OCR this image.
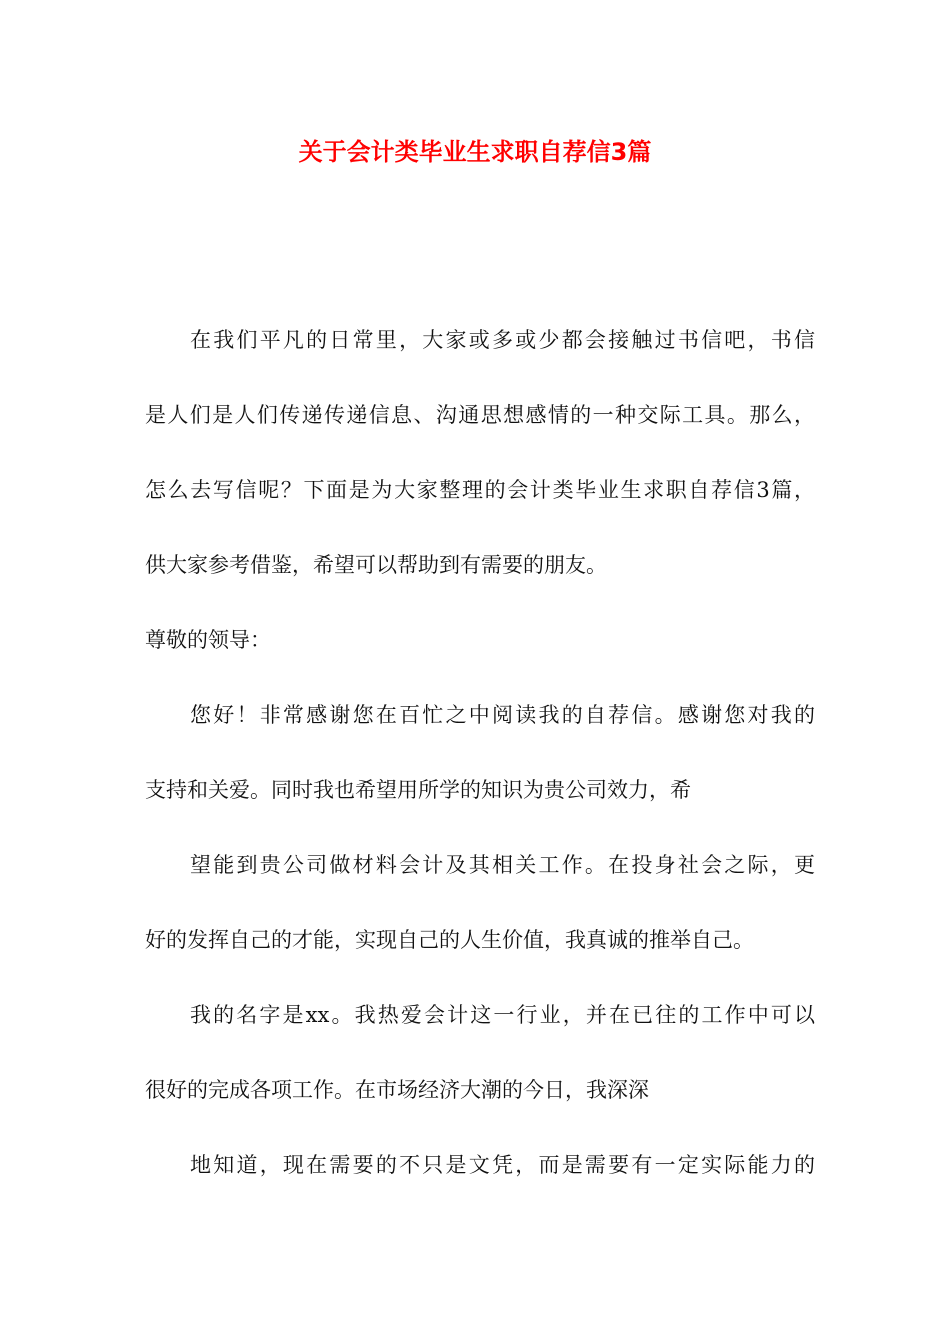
关于会计类毕业生求职自荐信3篇

在我们平凡的日常里，大家或多或少都会接触过书信吧，书信

是人们是人们传递传递信息、沟通思想感情的一种交际工具。那么，

怎么去写信呢？下面是为大家整理的会计类毕业生求职自荐信3篇，

供大家参考借鉴，希望可以帮助到有需要的朋友。

尊敬的领导：

您好！非常感谢您在百忙之中阅读我的自荐信。感谢您对我的

支持和关爱。同时我也希望用所学的知识为贵公司效力，希

望能到贵公司做材料会计及其相关工作。在投身社会之际，更

好的发挥自己的才能，实现自己的人生价值，我真诚的推举自己。

我的名字是xx。我热爱会计这一行业，并在已往的工作中可以

很好的完成各项工作。在市场经济大潮的今日，我深深

地知道，现在需要的不只是文凭，而是需要有一定实际能力的
